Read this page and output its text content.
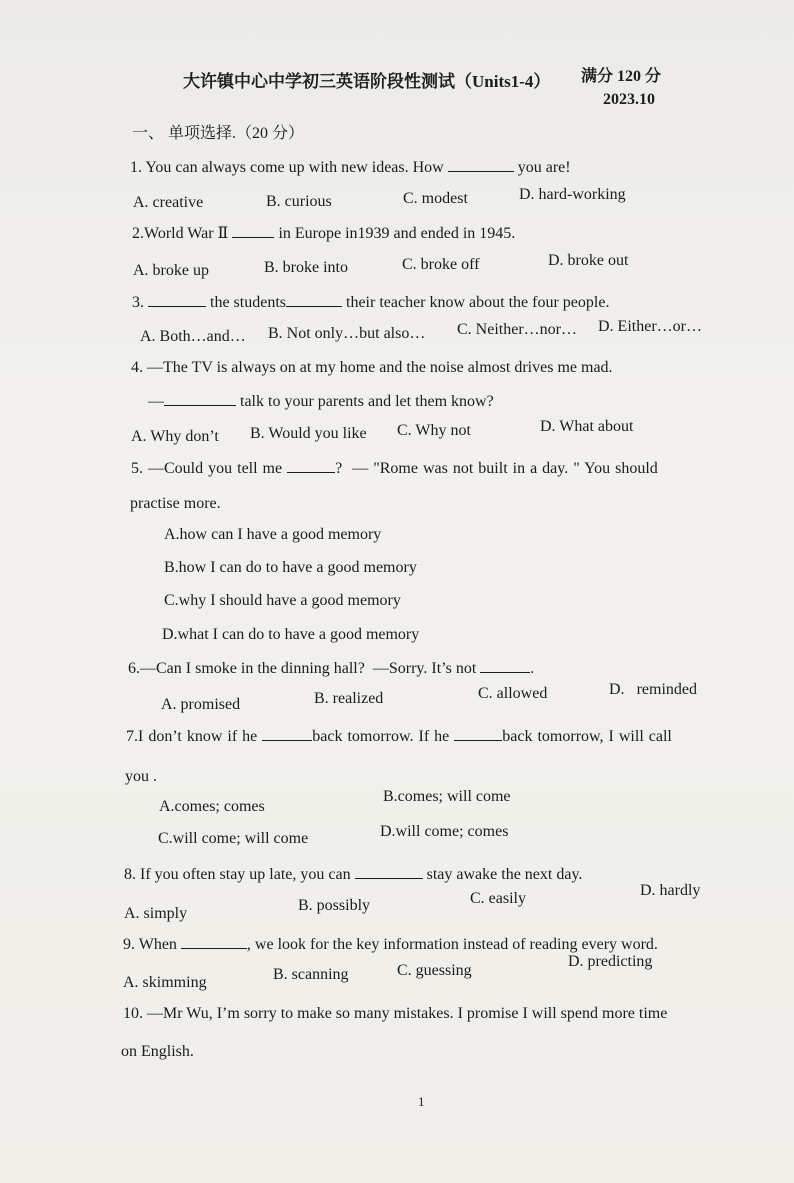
大许镇中心中学初三英语阶段性测试（Units1-4） 满分 120 分
2023.10
一、 单项选择.（20 分）
1. You can always come up with new ideas. How	you are!
A. creative	B. curious	C. modest	D. hard-working
2.World War Ⅱ	in Europe in1939 and ended in 1945.
A. broke up	B. broke into	C. broke off	D. broke out
3.	the students	their teacher know about the four people.
A. Both…and… B. Not only…but also… C. Neither…nor… D. Either…or…
4. —The TV is always on at my home and the noise almost drives me mad.
—	talk to your parents and let them know?
A. Why don’t B. Would you like C. Why not	D. What about
5. —Could you tell me	? — "Rome was not built in a day. " You should
practise more.
A.how can I have a good memory
B.how I can do to have a good memory
C.why I should have a good memory
D.what I can do to have a good memory
6.—Can I smoke in the dinning hall? —Sorry. It’s not	.
A. promised	B. realized	C. allowed	D. reminded
7.I don’t know if he	back tomorrow. If he	back tomorrow, I will call
you .
A.comes; comes
B.comes; will come
C.will come; will come	D.will come; comes
8. If you often stay up late, you can	stay awake the next day.
A. simply	B. possibly	C. easily	D. hardly
9. When	, we look for the key information instead of reading every word.
A. skimming	B. scanning	C. guessing
D. predicting
10. —Mr Wu, I’m sorry to make so many mistakes. I promise I will spend more time
on English.
1
